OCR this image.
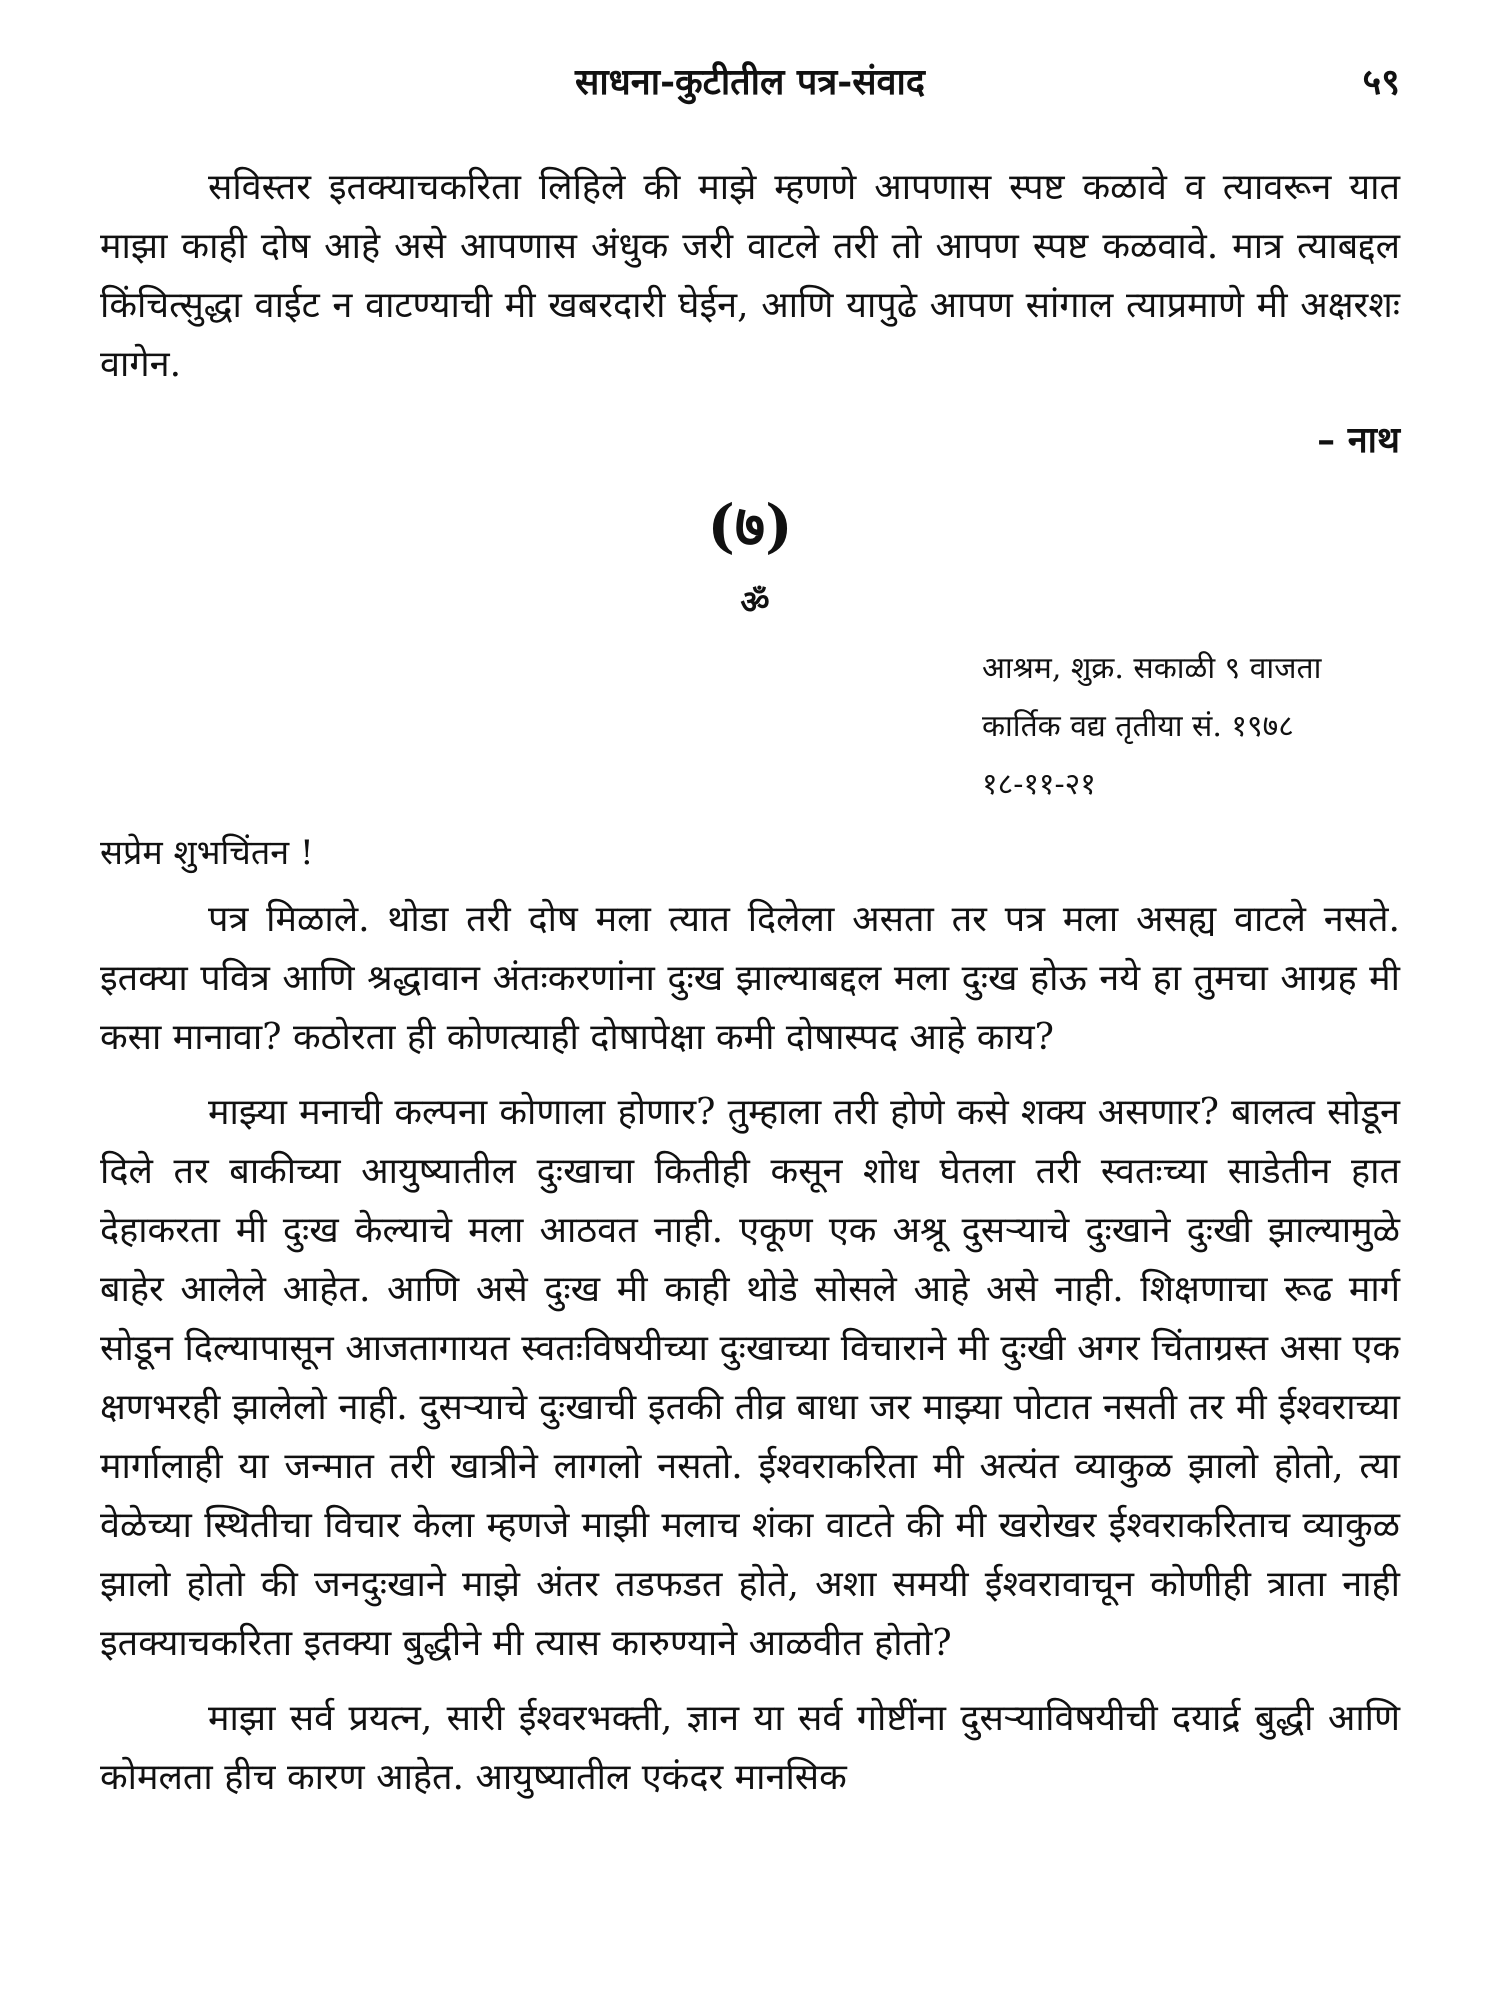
साधना-कुटीतील पत्र-संवाद	५९

सविस्तर इतक्याचकरिता लिहिले की माझे म्हणणे आपणास स्पष्ट कळावे व त्यावरून यात माझा काही दोष आहे असे आपणास अंधुक जरी वाटले तरी तो आपण स्पष्ट कळवावे. मात्र त्याबद्दल किंचित्सुद्धा वाईट न वाटण्याची मी खबरदारी घेईन, आणि यापुढे आपण सांगाल त्याप्रमाणे मी अक्षरशः वागेन.

– नाथ
(७)
ॐ
आश्रम, शुक्र. सकाळी ९ वाजता
कार्तिक वद्य तृतीया सं. १९७८
१८-११-२१
सप्रेम शुभचिंतन !

पत्र मिळाले. थोडा तरी दोष मला त्यात दिलेला असता तर पत्र मला असह्य वाटले नसते. इतक्या पवित्र आणि श्रद्धावान अंतःकरणांना दुःख झाल्याबद्दल मला दुःख होऊ नये हा तुमचा आग्रह मी कसा मानावा? कठोरता ही कोणत्याही दोषापेक्षा कमी दोषास्पद आहे काय?

माझ्या मनाची कल्पना कोणाला होणार? तुम्हाला तरी होणे कसे शक्य असणार? बालत्व सोडून दिले तर बाकीच्या आयुष्यातील दुःखाचा कितीही कसून शोध घेतला तरी स्वतःच्या साडेतीन हात देहाकरता मी दुःख केल्याचे मला आठवत नाही. एकूण एक अश्रू दुसऱ्याचे दुःखाने दुःखी झाल्यामुळे बाहेर आलेले आहेत. आणि असे दुःख मी काही थोडे सोसले आहे असे नाही. शिक्षणाचा रूढ मार्ग सोडून दिल्यापासून आजतागायत स्वतःविषयीच्या दुःखाच्या विचाराने मी दुःखी अगर चिंताग्रस्त असा एक क्षणभरही झालेलो नाही. दुसऱ्याचे दुःखाची इतकी तीव्र बाधा जर माझ्या पोटात नसती तर मी ईश्वराच्या मार्गालाही या जन्मात तरी खात्रीने लागलो नसतो. ईश्वराकरिता मी अत्यंत व्याकुळ झालो होतो, त्या वेळेच्या स्थितीचा विचार केला म्हणजे माझी मलाच शंका वाटते की मी खरोखर ईश्वराकरिताच व्याकुळ झालो होतो की जनदुःखाने माझे अंतर तडफडत होते, अशा समयी ईश्वरावाचून कोणीही त्राता नाही इतक्याचकरिता इतक्या बुद्धीने मी त्यास कारुण्याने आळवीत होतो?

माझा सर्व प्रयत्न, सारी ईश्वरभक्ती, ज्ञान या सर्व गोष्टींना दुसऱ्याविषयीची दयार्द्र बुद्धी आणि कोमलता हीच कारण आहेत. आयुष्यातील एकंदर मानसिक
